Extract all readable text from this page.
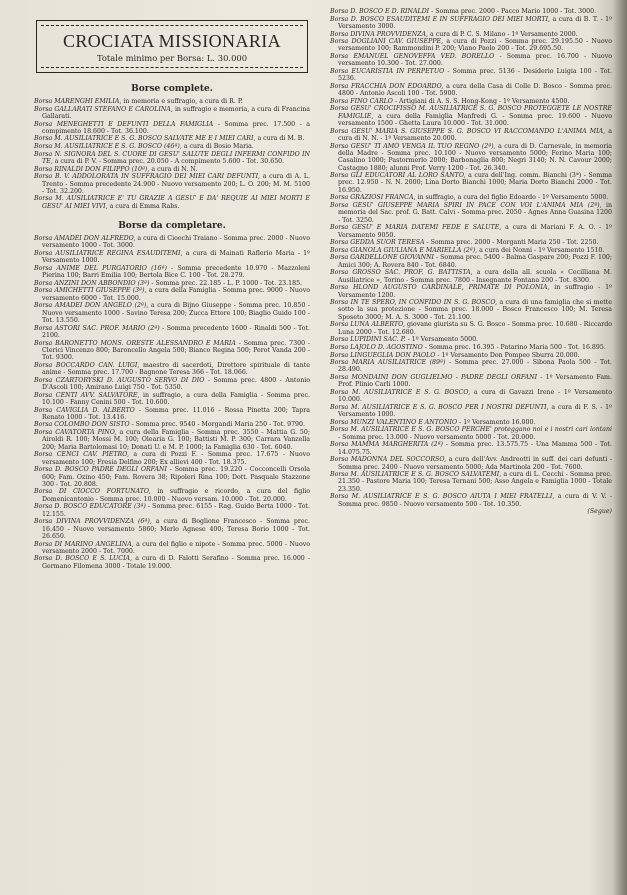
CROCIATA MISSIONARIA
Totale minimo per Borsa: L. 30.000
Borse complete.
Borsa MARENGHI EMILIA, in memoria e suffragio, a cura di R. P.
Borsa GALLARATI STEFANO E CAROLINA, in suffragio e memoria, a cura di Francina Gallarati.
Borsa MENEGHETTI E DEFUNTI DELLA FAMIGLIA - Somma prec. 17.500 - a compimento 18.600 - Tot. 36.100.
Borsa M. AUSILIATRICE E S. G. BOSCO SALVATE ME E I MIEI CARI, a cura di M. B.
Borsa M. AUSILIATRICE E S. G. BOSCO (46ª), a cura di Bosio Maria.
Borsa N. SIGNORA DEL S. CUORE DI GESU' SALUTE DEGLI INFERMI CONFIDO IN TE, a cura di P. V. - Somma prec. 20.050 - A compimento 5.600 - Tot. 30.650.
Borsa RINALDI DON FILIPPO (10ª), a cura di N. N.
Borsa B. V. ADDOLORATA IN SUFFRAGIO DEI MIEI CARI DEFUNTI, a cura di A. L. Trento - Somma precedente 24.900 - Nuovo versamento 200; L. O. 200; M. M. 5100 - Tot. 32.200.
Borsa M. AUSILIATRICE E' TU GRAZIE A GESU' E DA' REQUIE AI MIEI MORTI E GESU' AI MIEI VIVI, a cura di Emma Rabs.
Borse da completare.
Borsa AMADEI DON ALFREDO, a cura di Cioochi Traiano - Somma prec. 2000 - Nuovo versamento 1000 - Tot. 3000.
Borsa AUSILIATRICE REGINA ESAUDITEMI, a cura di Mainati Raflerio Maria - 1º Versamento 1000.
Borsa ANIME DEL PURGATORIO (16ª) - Somma precedente 10.970 - Mazzoleni Pierina 100; Barri Emilia 100; Bertola Bice C. 100 - Tot. 28.279.
Borsa ANZINI DON ABBONDIO (3ª) - Somma prec. 22.185 - L. P. 1000 - Tot. 23.185.
Borsa AMICHETTI GIUSEPPE (3ª), a cura della Famiglia - Somma prec. 9000 - Nuovo versamento 6000 - Tot. 15.000.
Borsa AMADEI DON ANGELO (2ª), a cura di Bijno Giuseppe - Somma prec. 10.850 - Nuovo versamento 1000 - Savino Teresa 200; Zucca Ettore 100; Biaglio Guido 100 - Tot. 13.550.
Borsa ASTORI SAC. PROF. MARIO (2ª) - Somma precedente 1600 - Rinaldi 500 - Tot. 2100.
Borsa BARONETTO MONS. ORESTE ALESSANDRO E MARIA - Somma prec. 7300 - Clerici Vincenzo 800; Baroncello Angela 500; Bianco Regina 500; Perot Vanda 200 - Tot. 9300.
Borsa BOCCARDO CAN. LUIGI, maestro di sacerdoti, Direttore spirituale di tante anime - Somma prec. 17.700 - Bagnone Teresa 366 - Tot. 18.066.
Borsa CZARTORYSKI D. AUGUSTO SERVO DI DIO - Somma prec. 4800 - Antonio D'Ascoli 100; Amirano Luigi 750 - Tot. 5350.
Borsa CENTI AVV. SALVATORE, in suffragio, a cura della Famiglia - Somma prec. 10.100 - Fanny Cenini 500 - Tot. 10.600.
Borsa CAVIGLIA D. ALBERTO - Somma prec. 11.016 - Rossa Pinetta 200; Tapra Renato 1000 - Tot. 13.416.
Borsa COLOMBO DON SISTO - Somma prec. 9540 - Morgandi Maria 250 - Tot. 9790.
Borsa CAVATORTA PINO, a cura della Famiglia - Somma prec. 3550 - Mattia G. 50; Airoldi R. 100; Mossi M. 100; Olearia G. 100; Battisti M. P. 300; Carrara Vanzella 200; Maria Bartolomasi 10; Donati U. e M. P. 1000; la Famiglia 630 - Tot. 6040.
Borsa CENCI CAV. PIETRO, a cura di Pozzi F. - Somma prec. 17.675 - Nuovo versamento 100; Fresia Delfino 200; Ex allievi 400 - Tot. 18.375.
Borsa D. BOSCO PADRE DEGLI ORFANI - Somma prec. 19.220 - Cocconcelli Orsola 600; Fam. Ozino 450; Fam. Rovera 38; Ripoleri Rina 100; Dott. Pasquale Stazzone 300 - Tot. 20.808.
Borsa DI CIOCCO FORTUNATO, in suffragio e ricordo, a cura del figlio Domenicantonio - Somma prec. 10.000 - Nuovo versam. 10.000 - Tot. 20.000.
Borsa D. BOSCO EDUCATORE (3ª) - Somma prec. 6155 - Rag. Guido Berta 1000 - Tot. 12.155.
Borsa DIVINA PROVVIDENZA (6ª), a cura di Boglione Francesco - Somma prec. 16.450 - Nuovo versamento 5860; Merlo Agnese 400; Teresa Borio 1000 - Tot. 26.650.
Borsa DI MARINO ANGELINA, a cura del figlio e nipote - Somma prec. 5000 - Nuovo versamento 2000 - Tot. 7000.
Borsa D. BOSCO E S. LUCIA, a cura di D. Falotti Serafino - Somma prec. 16.000 - Germano Filomena 3000 - Totale 19.000.
Borsa D. BOSCO E D. RINALDI - Somma prec. 2000 - Pacco Mario 1000 - Tot. 3000.
Borsa D. BOSCO ESAUDITEMI E IN SUFFRAGIO DEI MIEI MORTI, a cura di B. T. - 1º Versamento 3000.
Borsa DIVINA PROVVIDENZA, a cura di P. C. S. Milano - 1º Versamento 2000.
Borsa DOGLIANI CAV. GIUSEPPE, a cura di Pozzi - Somma prec. 29.195.50 - Nuovo versamento 100; Rammondini P. 200; Viano Paolo 200 - Tot. 29.695.50.
Borsa EMANUEL GENOVEFFA VED. BORELLO - Somma prec. 16.700 - Nuovo versamento 10.300 - Tot. 27.000.
Borsa EUCARISTIA IN PERPETUO - Somma prec. 5136 - Desiderio Luigia 100 - Tot. 5236.
Borsa FRACCHIA DON EDOARDO, a cura della Casa di Colle D. Bosco - Somma prec. 4800 - Antonio Ascoli 100 - Tot. 5900.
Borsa FINO CARLO - Artigiani di A. S. S. Hong-Kong - 1º Versamento 4500.
Borsa GESU' CROCIFISSO M. AUSILIATRICE S. G. BOSCO PROTEGGETE LE NOSTRE FAMIGLIE, a cura della Famiglia Manfredi G. - Somma prec. 19.600 - Nuovo versamento 1500 - Ghetta Laura 10.000 - Tot. 31.000.
Borsa GESU' MARIA S. GIUSEPPE S. G. BOSCO VI RACCOMANDO L'ANIMA MIA, a cura di N. N. - 1º Versamento 20.000.
Borsa GESU' TI AMO VENGA IL TUO REGNO (2ª), a cura di D. Carnevale, in memoria della Madre - Somma prec. 10.100 - Nuovo versamento 5000; Ferino Maria 100; Casalino 1000; Pastormerlo 2000; Barbonaglia 800; Negri 3140; N. N. Cavour 2000; Castagno 1880; alunni Prof. Verry 1200 - Tot. 26.340.
Borsa GLI EDUCATORI AL LORO SANTO, a cura dell'Ing. comm. Bianchi (3ª) - Somma prec. 12.950 - N. N. 2000; Lina Dorto Bianchi 1000; Maria Dorto Bianchi 2000 - Tot. 16.950.
Borsa GRAZIOSI FRANCA, in suffragio, a cura del figlio Edoardo - 1º Versamento 5000.
Borsa GESU' GIUSEPPE MARIA SPIRI IN PACE CON VOI L'ANIMA MIA (2ª), in memoria del Sac. prof. G. Batt. Calvi - Somma prec. 2050 - Agnes Anna Guasina 1200 - Tot. 3250.
Borsa GESU' E MARIA DATEMI FEDE E SALUTE, a cura di Mariani F. A. O. - 1º Versamento 9050.
Borsa GEDDA SUOR TERESA - Somma prec. 2000 - Morganti Maria 250 - Tot. 2250.
Borsa GIANOLA GIULIANA E MARIELLA (2ª), a cura dei Nonni - 1º Versamento 1510.
Borsa GARDELLONE GIOVANNI - Somma prec. 5400 - Balma Gaspare 200; Pozzi F. 100; Amici 300; A. Rovera 840 - Tot. 6840.
Borsa GROSSO SAC. PROF. G. BATTISTA, a cura della all. scuola « Cecilliana M. Ausiliatrice », Torino - Somma prec. 7800 - Insegnante Fontana 200 - Tot. 8300.
Borsa HLOND AUGUSTO CARDINALE, PRIMATE DI POLONIA, in suffragio - 1º Versamento 1200.
Borsa IN TE SPERO, IN CONFIDO IN S. G. BOSCO, a cura di una famiglia che si mette sotto la sua protezione - Somma prec. 18.000 - Bosco Francesco 100; M. Teresa Sposeto 3000; M. A. S. 3000 - Tot. 21.100.
Borsa LUNA ALBERTO, giovane giurista su S. G. Bosco - Somma prec. 10.680 - Riccardo Luna 2000 - Tot. 12.680.
Borsa LUPIDINI SAC. P. - 1º Versamento 5000.
Borsa LAJOLO D. AGOSTINO - Somma prec. 16.395 - Patarino Maria 500 - Tot. 16.895.
Borsa LINGUEGLIA DON PAOLO - 1º Versamento Don Pompeo Sburra 20.000.
Borsa MARIA AUSILIATRICE (89ª) - Somma prec. 27.000 - Sibona Paola 500 - Tot. 28.490.
Borsa MONDAINI DON GUGLIELMO - PADRE DEGLI ORFANI - 1º Versamento Fam. Prof. Plinio Carli 1000.
Borsa M. AUSILIATRICE E S. G. BOSCO, a cura di Gavazzi Irene - 1º Versamento 10.000.
Borsa M. AUSILIATRICE E S. G. BOSCO PER I NOSTRI DEFUNTI, a cura di F. S. - 1º Versamento 1000.
Borsa MUNZI VALENTINO E ANTONIO - 1º Versamento 16.000.
Borsa M. AUSILIATRICE E S. G. BOSCO PERCHE' proteggano noi e i nostri cari lontani - Somma prec. 13.000 - Nuovo versamento 5000 - Tot. 20.000.
Borsa MAMMA MARGHERITA (2ª) - Somma prec. 13.575.75 - Una Mamma 500 - Tot. 14.075.75.
Borsa MADONNA DEL SOCCORSO, a cura dell'Avv. Andreotti in suff. dei cari defunti - Somma prec. 2400 - Nuovo versamento 5000; Ada Martinola 200 - Tot. 7600.
Borsa M. AUSILIATRICE E S. G. BOSCO SALVATEMI, a cura di L. Cecchi - Somma prec. 21.350 - Pastore Maria 100; Teresa Ternani 500; Asso Angela e Famiglia 1000 - Totale 23.350.
Borsa M. AUSILIATRICE E S. G. BOSCO AIUTA I MIEI FRATELLI, a cura di V. V. - Somma prec. 9850 - Nuovo versamento 500 - Tot. 10.350.
(Segue)
